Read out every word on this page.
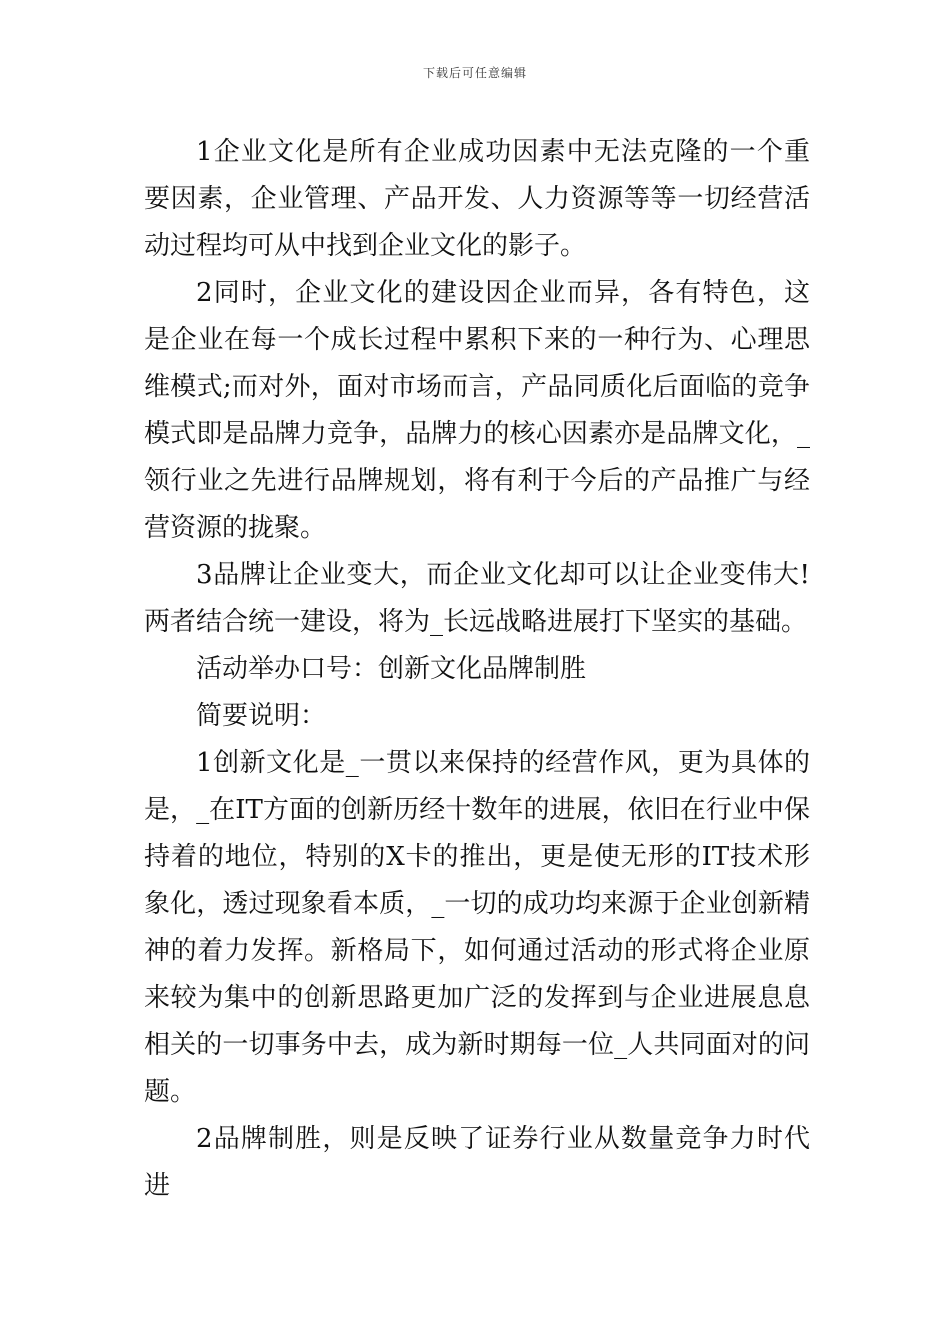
下载后可任意编辑

1企业文化是所有企业成功因素中无法克隆的一个重要因素，企业管理、产品开发、人力资源等等一切经营活动过程均可从中找到企业文化的影子。

2同时，企业文化的建设因企业而异，各有特色，这是企业在每一个成长过程中累积下来的一种行为、心理思维模式;而对外，面对市场而言，产品同质化后面临的竞争模式即是品牌力竞争，品牌力的核心因素亦是品牌文化，_领行业之先进行品牌规划，将有利于今后的产品推广与经营资源的拢聚。

3品牌让企业变大，而企业文化却可以让企业变伟大!两者结合统一建设，将为_长远战略进展打下坚实的基础。

活动举办口号：创新文化品牌制胜

简要说明：

1创新文化是_一贯以来保持的经营作风，更为具体的是，_在IT方面的创新历经十数年的进展，依旧在行业中保持着的地位，特别的X卡的推出，更是使无形的IT技术形象化，透过现象看本质，_一切的成功均来源于企业创新精神的着力发挥。新格局下，如何通过活动的形式将企业原来较为集中的创新思路更加广泛的发挥到与企业进展息息相关的一切事务中去，成为新时期每一位_人共同面对的问题。

2品牌制胜，则是反映了证券行业从数量竞争力时代进
